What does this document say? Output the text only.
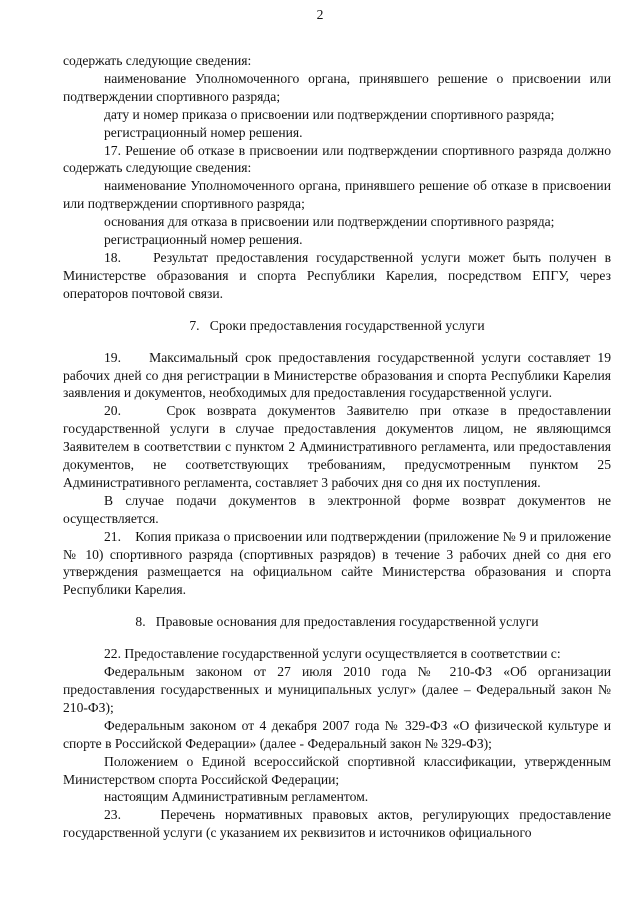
2

содержать следующие сведения:

наименование Уполномоченного органа, принявшего решение о присвоении или подтверждении спортивного разряда;

дату и номер приказа о присвоении или подтверждении спортивного разряда;

регистрационный номер решения.

17. Решение об отказе в присвоении или подтверждении спортивного разряда должно содержать следующие сведения:

наименование Уполномоченного органа, принявшего решение об отказе в присвоении или подтверждении спортивного разряда;

основания для отказа в присвоении или подтверждении спортивного разряда;

регистрационный номер решения.

18.    Результат предоставления государственной услуги может быть получен в Министерстве образования и спорта Республики Карелия, посредством ЕПГУ, через операторов почтовой связи.

7.   Сроки предоставления государственной услуги

19.    Максимальный срок предоставления государственной услуги составляет 19 рабочих дней со дня регистрации в Министерстве образования и спорта Республики Карелия заявления и документов, необходимых для предоставления государственной услуги.

20.    Срок возврата документов Заявителю при отказе в предоставлении государственной услуги в случае предоставления документов лицом, не являющимся Заявителем в соответствии с пунктом 2 Административного регламента, или предоставления документов, не соответствующих требованиям, предусмотренным пунктом 25 Административного регламента, составляет 3 рабочих дня со дня их поступления.

В случае подачи документов в электронной форме возврат документов не осуществляется.

21.    Копия приказа о присвоении или подтверждении (приложение № 9 и приложение № 10) спортивного разряда (спортивных разрядов) в течение 3 рабочих дней со дня его утверждения размещается на официальном сайте Министерства образования и спорта Республики Карелия.

8.   Правовые основания для предоставления государственной услуги

22. Предоставление государственной услуги осуществляется в соответствии с:

Федеральным законом от 27 июля 2010 года № 210-ФЗ «Об организации предоставления государственных и муниципальных услуг» (далее – Федеральный закон № 210-ФЗ);

Федеральным законом от 4 декабря 2007 года № 329-ФЗ «О физической культуре и спорте в Российской Федерации» (далее - Федеральный закон № 329-ФЗ);

Положением о Единой всероссийской спортивной классификации, утвержденным Министерством спорта Российской Федерации;

настоящим Административным регламентом.

23.    Перечень нормативных правовых актов, регулирующих предоставление государственной услуги (с указанием их реквизитов и источников официального
